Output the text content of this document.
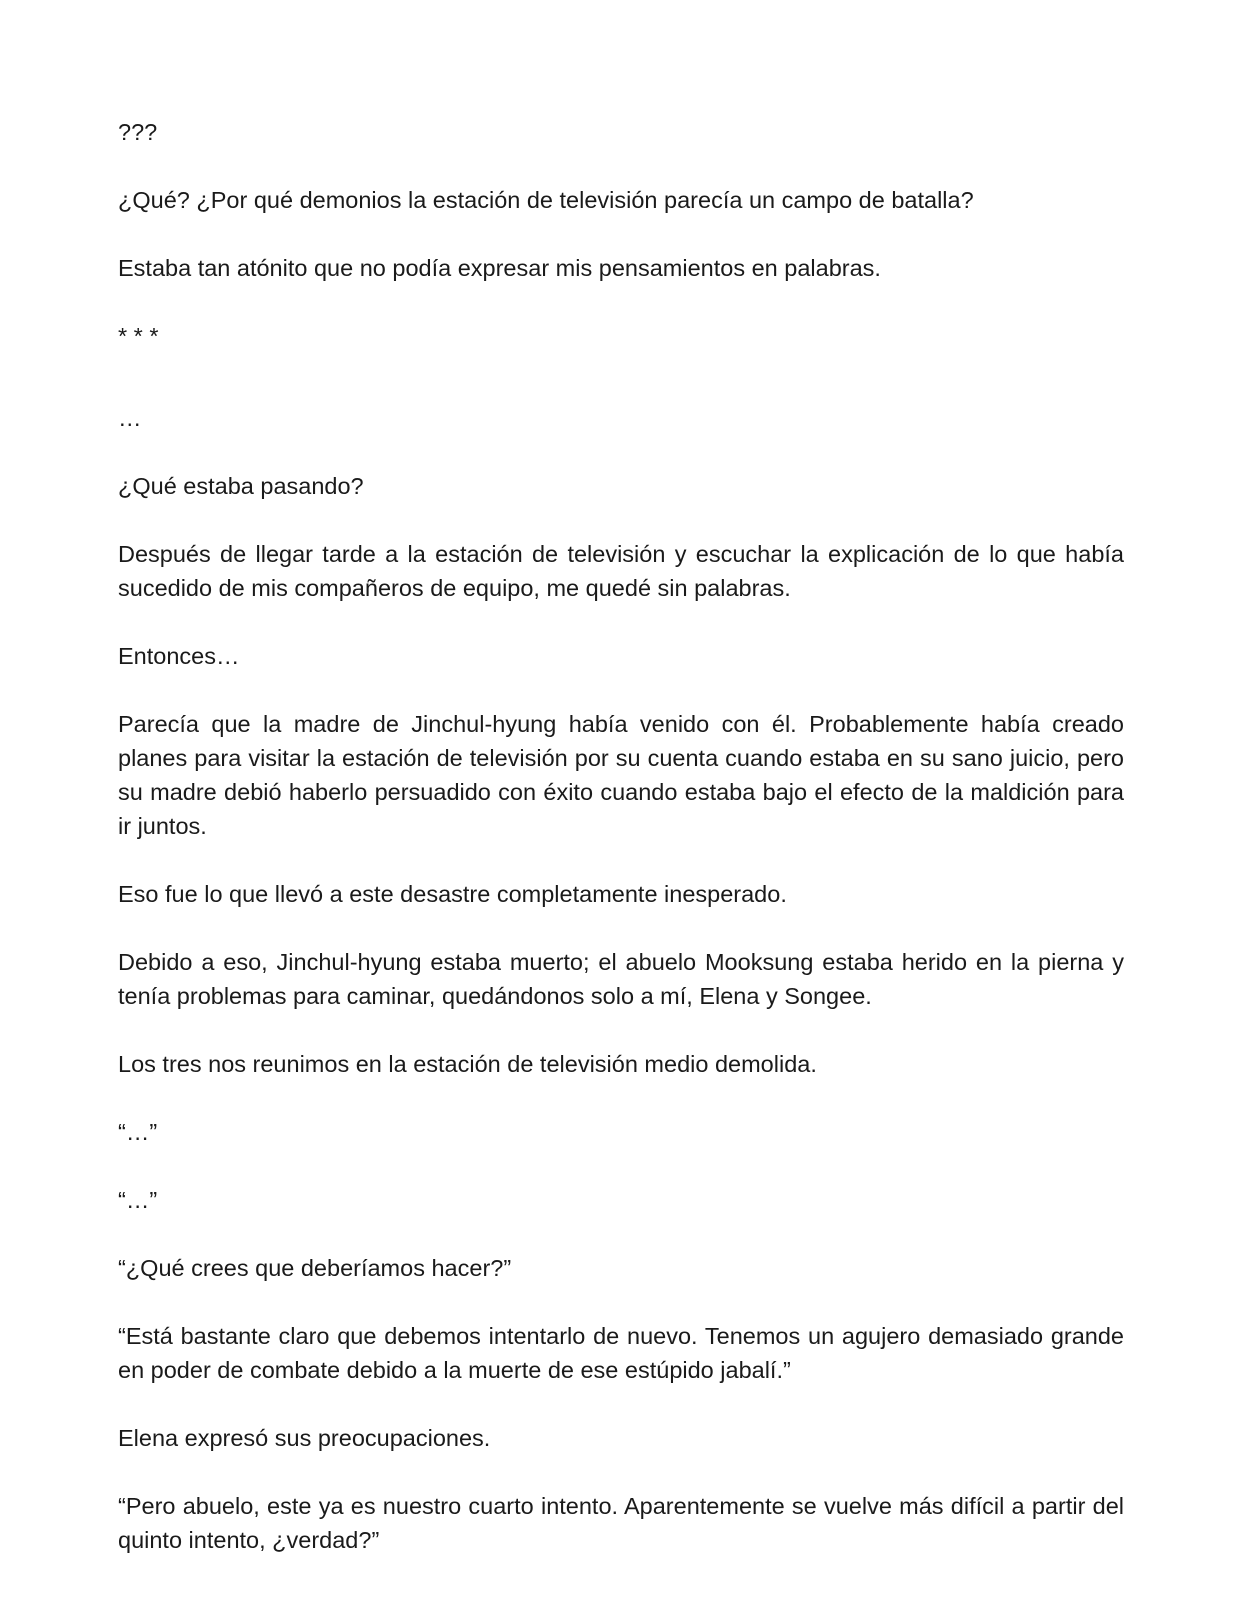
???

¿Qué? ¿Por qué demonios la estación de televisión parecía un campo de batalla?

Estaba tan atónito que no podía expresar mis pensamientos en palabras.

* * *

…

¿Qué estaba pasando?

Después de llegar tarde a la estación de televisión y escuchar la explicación de lo que había sucedido de mis compañeros de equipo, me quedé sin palabras.

Entonces…

Parecía que la madre de Jinchul-hyung había venido con él. Probablemente había creado planes para visitar la estación de televisión por su cuenta cuando estaba en su sano juicio, pero su madre debió haberlo persuadido con éxito cuando estaba bajo el efecto de la maldición para ir juntos.

Eso fue lo que llevó a este desastre completamente inesperado.

Debido a eso, Jinchul-hyung estaba muerto; el abuelo Mooksung estaba herido en la pierna y tenía problemas para caminar, quedándonos solo a mí, Elena y Songee.

Los tres nos reunimos en la estación de televisión medio demolida.

“…”

“…”

“¿Qué crees que deberíamos hacer?”

“Está bastante claro que debemos intentarlo de nuevo. Tenemos un agujero demasiado grande en poder de combate debido a la muerte de ese estúpido jabalí.”

Elena expresó sus preocupaciones.

“Pero abuelo, este ya es nuestro cuarto intento. Aparentemente se vuelve más difícil a partir del quinto intento, ¿verdad?”
